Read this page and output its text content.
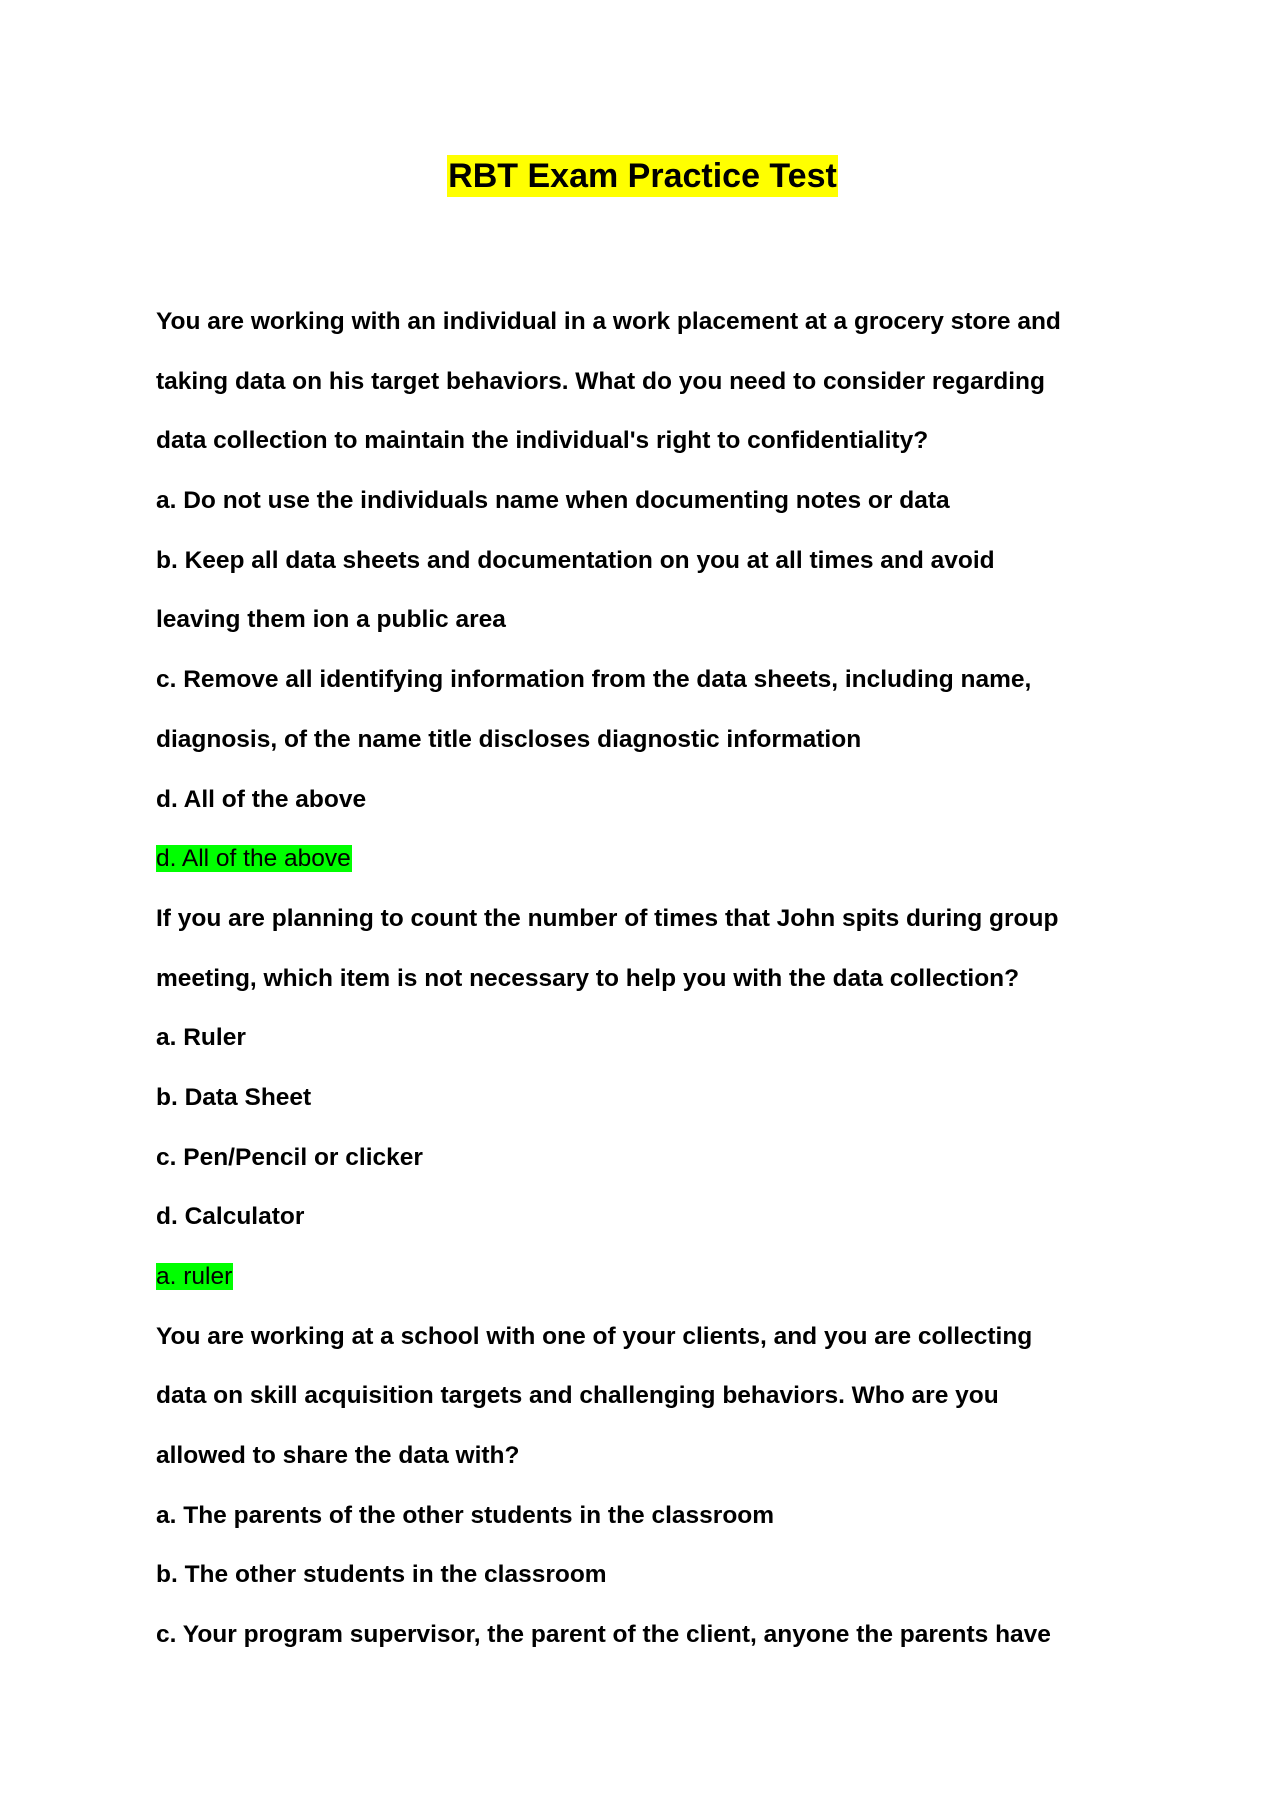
RBT Exam Practice Test
You are working with an individual in a work placement at a grocery store and
taking data on his target behaviors. What do you need to consider regarding
data collection to maintain the individual's right to confidentiality?
a. Do not use the individuals name when documenting notes or data
b. Keep all data sheets and documentation on you at all times and avoid
leaving them ion a public area
c. Remove all identifying information from the data sheets, including name,
diagnosis, of the name title discloses diagnostic information
d. All of the above
d. All of the above
If you are planning to count the number of times that John spits during group
meeting, which item is not necessary to help you with the data collection?
a. Ruler
b. Data Sheet
c. Pen/Pencil or clicker
d. Calculator
a. ruler
You are working at a school with one of your clients, and you are collecting
data on skill acquisition targets and challenging behaviors. Who are you
allowed to share the data with?
a. The parents of the other students in the classroom
b. The other students in the classroom
c. Your program supervisor, the parent of the client, anyone the parents have
